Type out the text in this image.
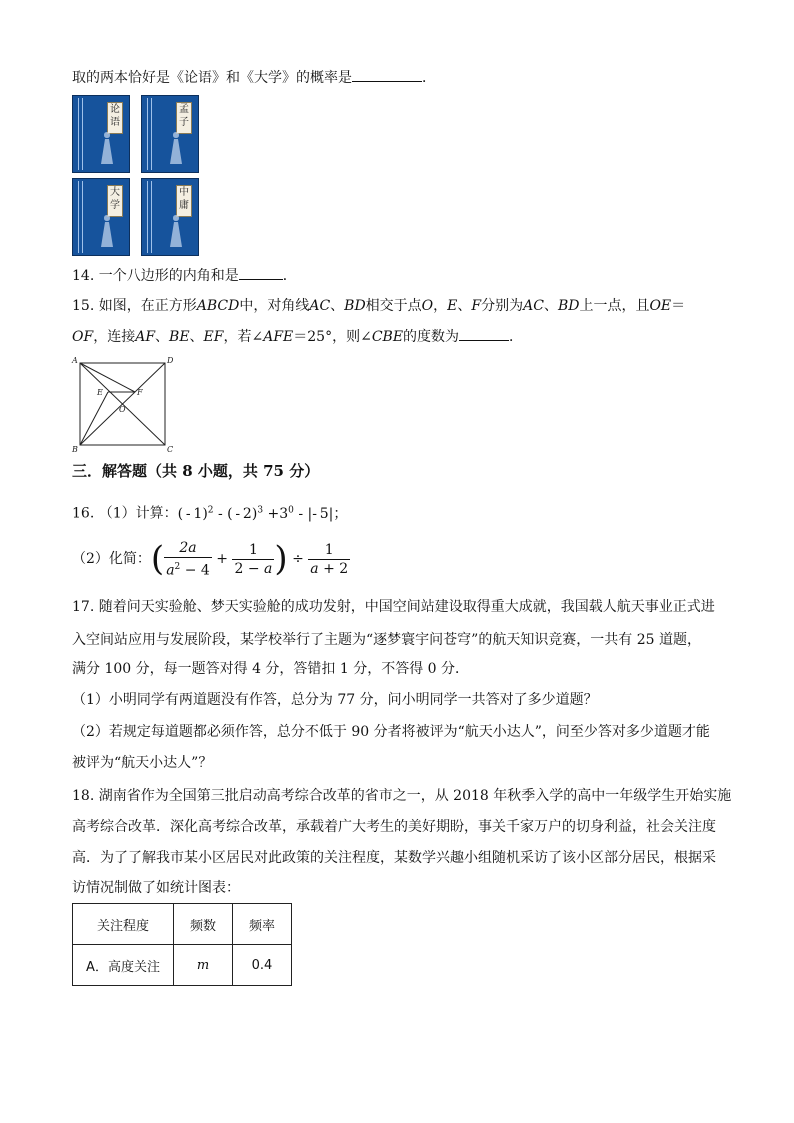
取的两本恰好是《论语》和《大学》的概率是	．
论
语
孟
子
大
学
中
庸
14. 一个八边形的内角和是	．
15. 如图，在正方形ABCD中，对角线AC、BD相交于点O，E、F分别为AC、BD上一点，且OE＝
OF，连接AF、BE、EF，若∠AFE＝25°，则∠CBE的度数为	．
A	D
B	C
E	F
O
三．解答题（共 8 小题，共 75 分）
16. （1）计算：( - 1)$^2$ - ( - $2)^3 +3^0$ - |- 5|；
（2）化简：( $\frac{2a}{a^2 - 4} + \frac{1}{2 - a}$ ) ÷ $\frac{1}{a + 2}$
17. 随着问天实验舱、梦天实验舱的成功发射，中国空间站建设取得重大成就，我国载人航天事业正式进
入空间站应用与发展阶段，某学校举行了主题为“逐梦寰宇问苍穹”的航天知识竞赛，一共有 25 道题，
满分 100 分，每一题答对得 4 分，答错扣 1 分，不答得 0 分．
（1）小明同学有两道题没有作答，总分为 77 分，问小明同学一共答对了多少道题？
（2）若规定每道题都必须作答，总分不低于 90 分者将被评为“航天小达人”，问至少答对多少道题才能
被评为“航天小达人”？
18. 湖南省作为全国第三批启动高考综合改革的省市之一，从 2018 年秋季入学的高中一年级学生开始实施
高考综合改革．深化高考综合改革，承载着广大考生的美好期盼，事关千家万户的切身利益，社会关注度
高．为了了解我市某小区居民对此政策的关注程度，某数学兴趣小组随机采访了该小区部分居民，根据采
访情况制做了如统计图表：
关注程度	频数	频率
A．高度关注	m	0.4
